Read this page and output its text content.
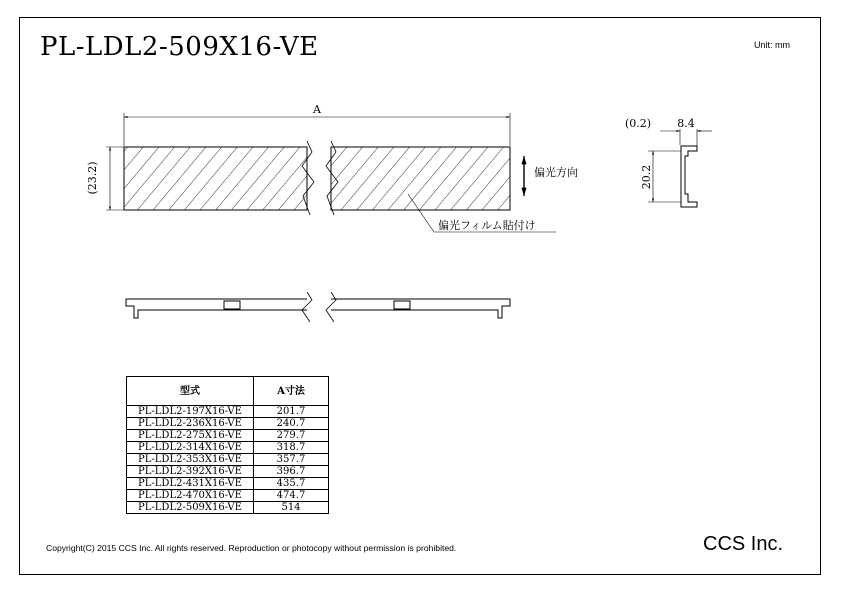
PL-LDL2-509X16-VE	Unit: mm
A
(23.2)	偏光方向
偏光フィルム貼付け
(0.2) 8.4
20.2
型式	A寸法
PL-LDL2-197X16-VE	201.7
PL-LDL2-236X16-VE	240.7
PL-LDL2-275X16-VE	279.7
PL-LDL2-314X16-VE	318.7
PL-LDL2-353X16-VE	357.7
PL-LDL2-392X16-VE	396.7
PL-LDL2-431X16-VE	435.7
PL-LDL2-470X16-VE	474.7
PL-LDL2-509X16-VE	514
Copyright(C) 2015 CCS Inc. All rights reserved. Reproduction or photocopy without permission is prohibited.	CCS Inc.
